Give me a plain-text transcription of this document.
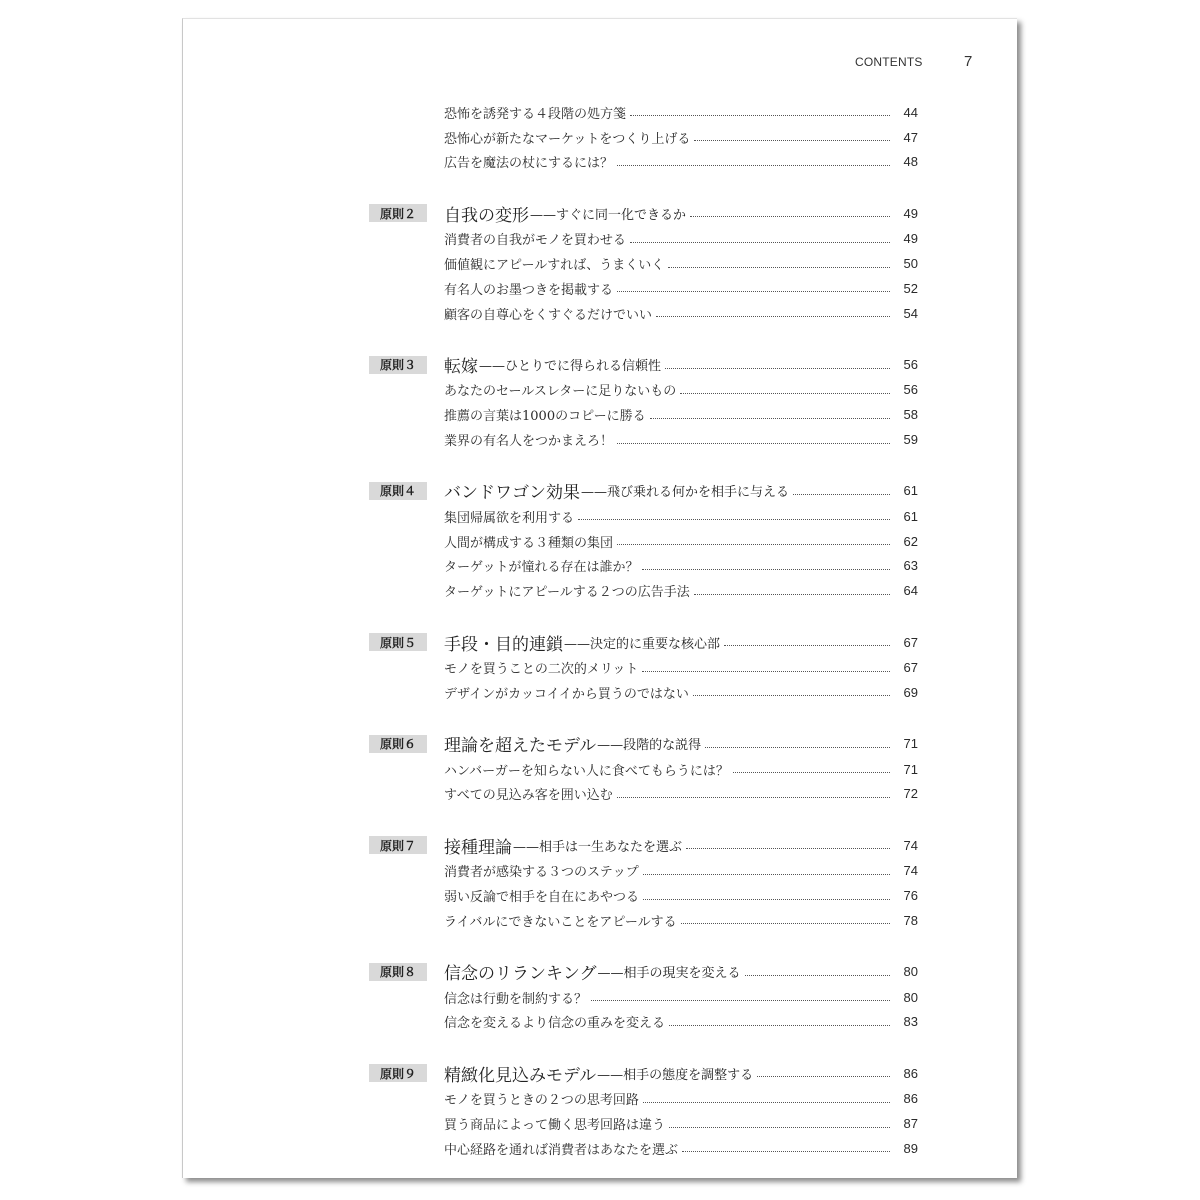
CONTENTS	7
恐怖を誘発する４段階の処方箋	44
恐怖心が新たなマーケットをつくり上げる	47
広告を魔法の杖にするには？	48
原則２	自我の変形 ——すぐに同一化できるか	49
消費者の自我がモノを買わせる	49
価値観にアピールすれば、うまくいく	50
有名人のお墨つきを掲載する	52
顧客の自尊心をくすぐるだけでいい	54
原則３	転嫁 ——ひとりでに得られる信頼性	56
あなたのセールスレターに足りないもの	56
推薦の言葉は1000のコピーに勝る	58
業界の有名人をつかまえろ！	59
原則４	バンドワゴン効果 ——飛び乗れる何かを相手に与える	61
集団帰属欲を利用する	61
人間が構成する３種類の集団	62
ターゲットが憧れる存在は誰か？	63
ターゲットにアピールする２つの広告手法	64
原則５	手段・目的連鎖 ——決定的に重要な核心部	67
モノを買うことの二次的メリット	67
デザインがカッコイイから買うのではない	69
原則６	理論を超えたモデル ——段階的な説得	71
ハンバーガーを知らない人に食べてもらうには？	71
すべての見込み客を囲い込む	72
原則７	接種理論 ——相手は一生あなたを選ぶ	74
消費者が感染する３つのステップ	74
弱い反論で相手を自在にあやつる	76
ライバルにできないことをアピールする	78
原則８	信念のリランキング ——相手の現実を変える	80
信念は行動を制約する？	80
信念を変えるより信念の重みを変える	83
原則９	精緻化見込みモデル ——相手の態度を調整する	86
モノを買うときの２つの思考回路	86
買う商品によって働く思考回路は違う	87
中心経路を通れば消費者はあなたを選ぶ	89
